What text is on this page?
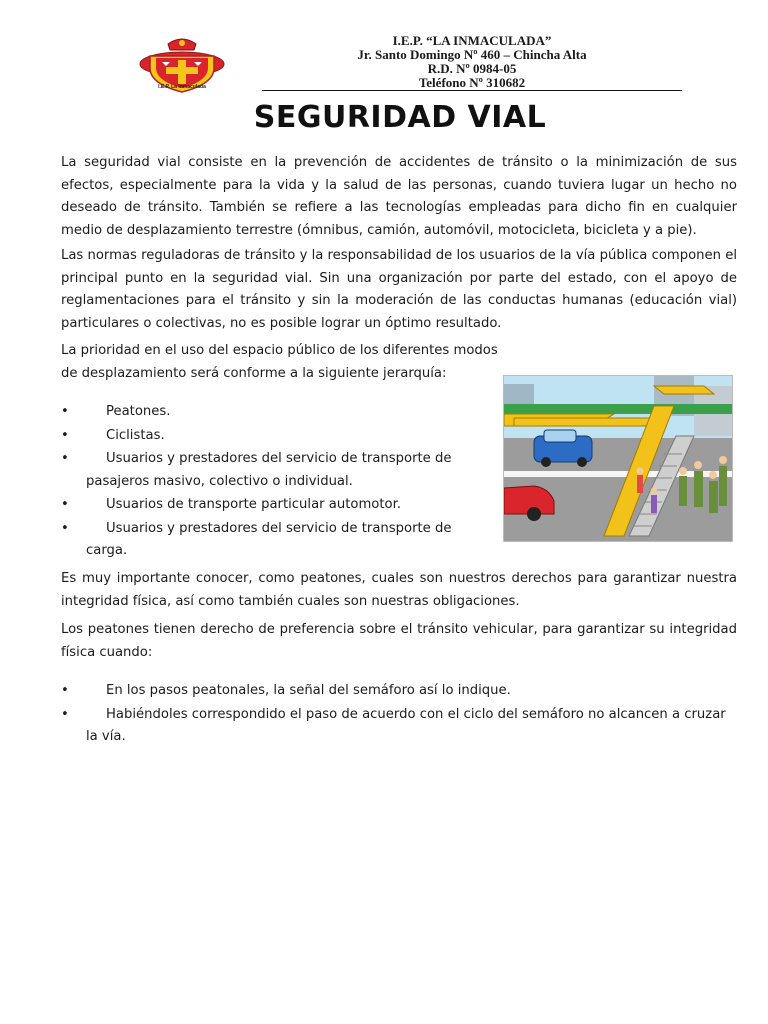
I.E.P. La Inmaculada
I.E.P. “LA INMACULADA”
Jr. Santo Domingo Nº 460 – Chincha Alta
R.D. Nº 0984-05
Teléfono Nº 310682
SEGURIDAD VIAL

La seguridad vial consiste en la prevención de accidentes de tránsito o la minimización de sus efectos, especialmente para la vida y la salud de las personas, cuando tuviera lugar un hecho no deseado de tránsito. También se refiere a las tecnologías empleadas para dicho fin en cualquier medio de desplazamiento terrestre (ómnibus, camión, automóvil, motocicleta, bicicleta y a pie).

Las normas reguladoras de tránsito y la responsabilidad de los usuarios de la vía pública componen el principal punto en la seguridad vial. Sin una organización por parte del estado, con el apoyo de reglamentaciones para el tránsito y sin la moderación de las conductas humanas (educación vial) particulares o colectivas, no es posible lograr un óptimo resultado.

La prioridad en el uso del espacio público de los diferentes modos de desplazamiento será conforme a la siguiente jerarquía:

•	Peatones.
•	Ciclistas.
•	Usuarios y prestadores del servicio de transporte de pasajeros masivo, colectivo o individual.
•	Usuarios de transporte particular automotor.
•	Usuarios y prestadores del servicio de transporte de carga.

Es muy importante conocer, como peatones, cuales son nuestros derechos para garantizar nuestra integridad física, así como también cuales son nuestras obligaciones.

Los peatones tienen derecho de preferencia sobre el tránsito vehicular, para garantizar su integridad física cuando:

•	En los pasos peatonales, la señal del semáforo así lo indique.
•	Habiéndoles correspondido el paso de acuerdo con el ciclo del semáforo no alcancen a cruzar la vía.
